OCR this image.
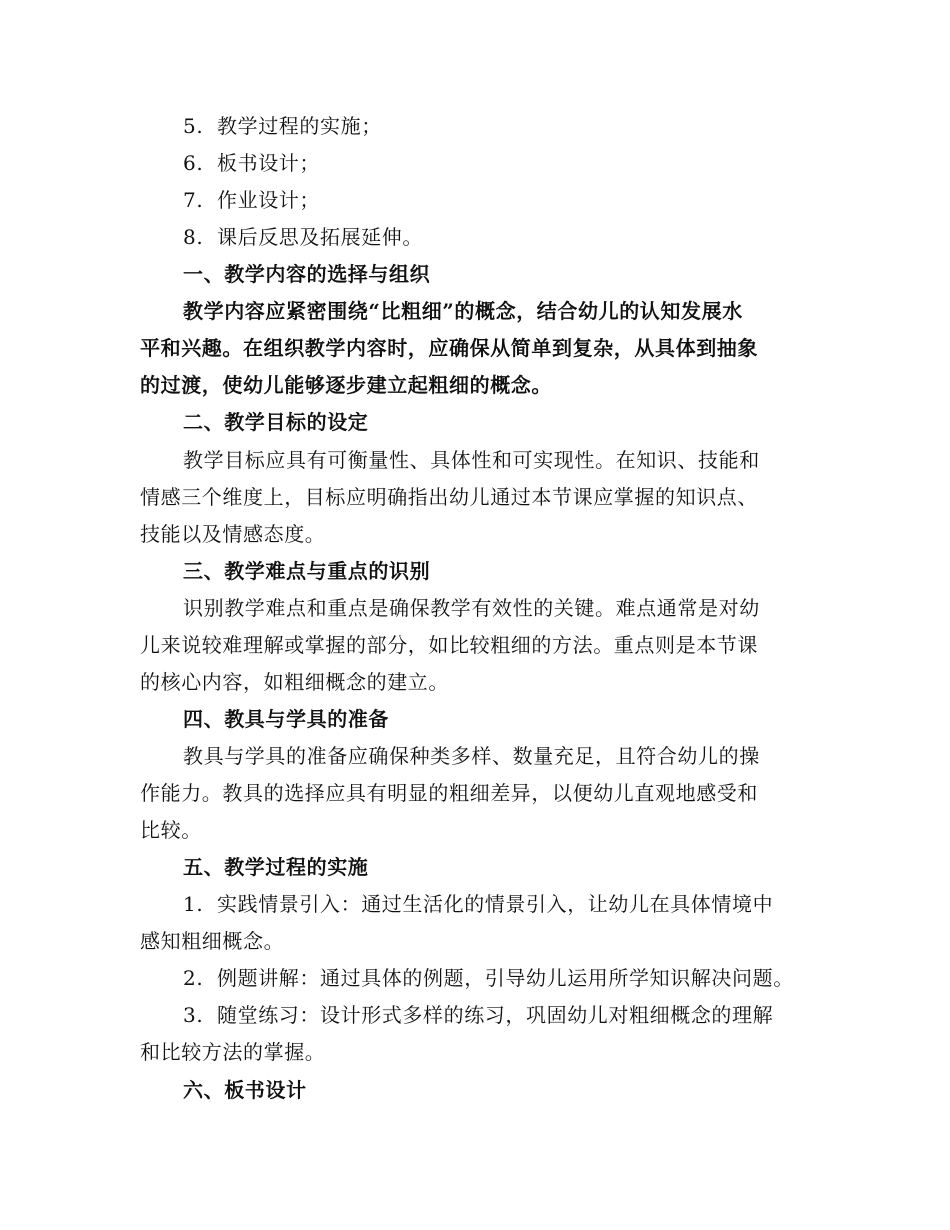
5. 教学过程的实施；
6. 板书设计；
7. 作业设计；
8. 课后反思及拓展延伸。
一、教学内容的选择与组织
教学内容应紧密围绕“比粗细”的概念，结合幼儿的认知发展水
平和兴趣。在组织教学内容时，应确保从简单到复杂，从具体到抽象
的过渡，使幼儿能够逐步建立起粗细的概念。
二、教学目标的设定
教学目标应具有可衡量性、具体性和可实现性。在知识、技能和
情感三个维度上，目标应明确指出幼儿通过本节课应掌握的知识点、
技能以及情感态度。
三、教学难点与重点的识别
识别教学难点和重点是确保教学有效性的关键。难点通常是对幼
儿来说较难理解或掌握的部分，如比较粗细的方法。重点则是本节课
的核心内容，如粗细概念的建立。
四、教具与学具的准备
教具与学具的准备应确保种类多样、数量充足，且符合幼儿的操
作能力。教具的选择应具有明显的粗细差异，以便幼儿直观地感受和
比较。
五、教学过程的实施
1. 实践情景引入：通过生活化的情景引入，让幼儿在具体情境中
感知粗细概念。
2. 例题讲解：通过具体的例题，引导幼儿运用所学知识解决问题。
3. 随堂练习：设计形式多样的练习，巩固幼儿对粗细概念的理解
和比较方法的掌握。
六、板书设计
